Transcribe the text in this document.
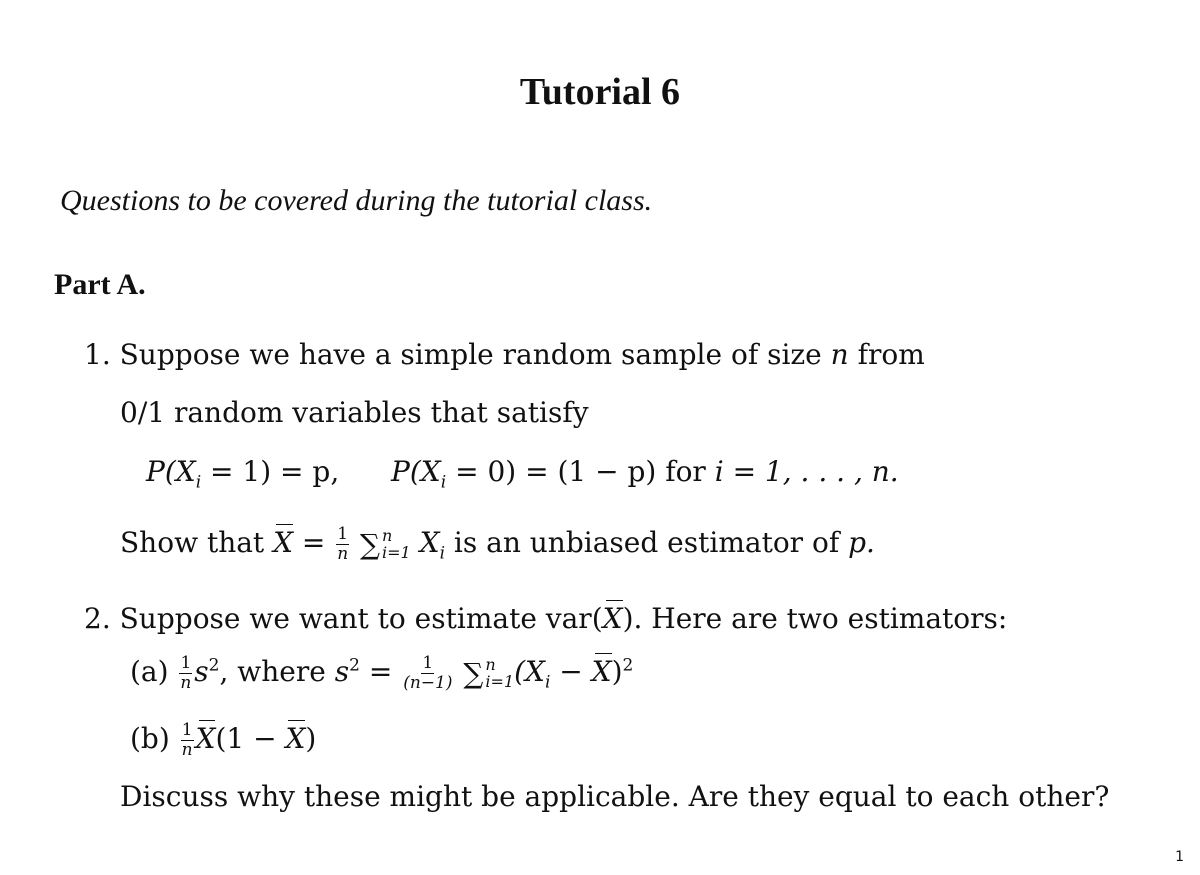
Tutorial 6
Questions to be covered during the tutorial class.
Part A.
1. Suppose we have a simple random sample of size n from
0/1 random variables that satisfy
$P(X_i = 1) = p$, $P(X_i = 0) = (1 - p)$ for i = 1, . . . , n.
Show that $X = \frac{1}{n}$
∑ n
i=1 $X_i$ is an unbiased estimator of p.
2. Suppose we want to estimate var(X). Here are two estimators:
$(a) \frac{1}{n} s^2$, where $s^2 = \frac{1}{(n-1)}$
∑ n
i=1 $(X_i - X)^2$
$(b) \frac{1}{n} X(1 - X)$
Discuss why these might be applicable. Are they equal to each other?
1
